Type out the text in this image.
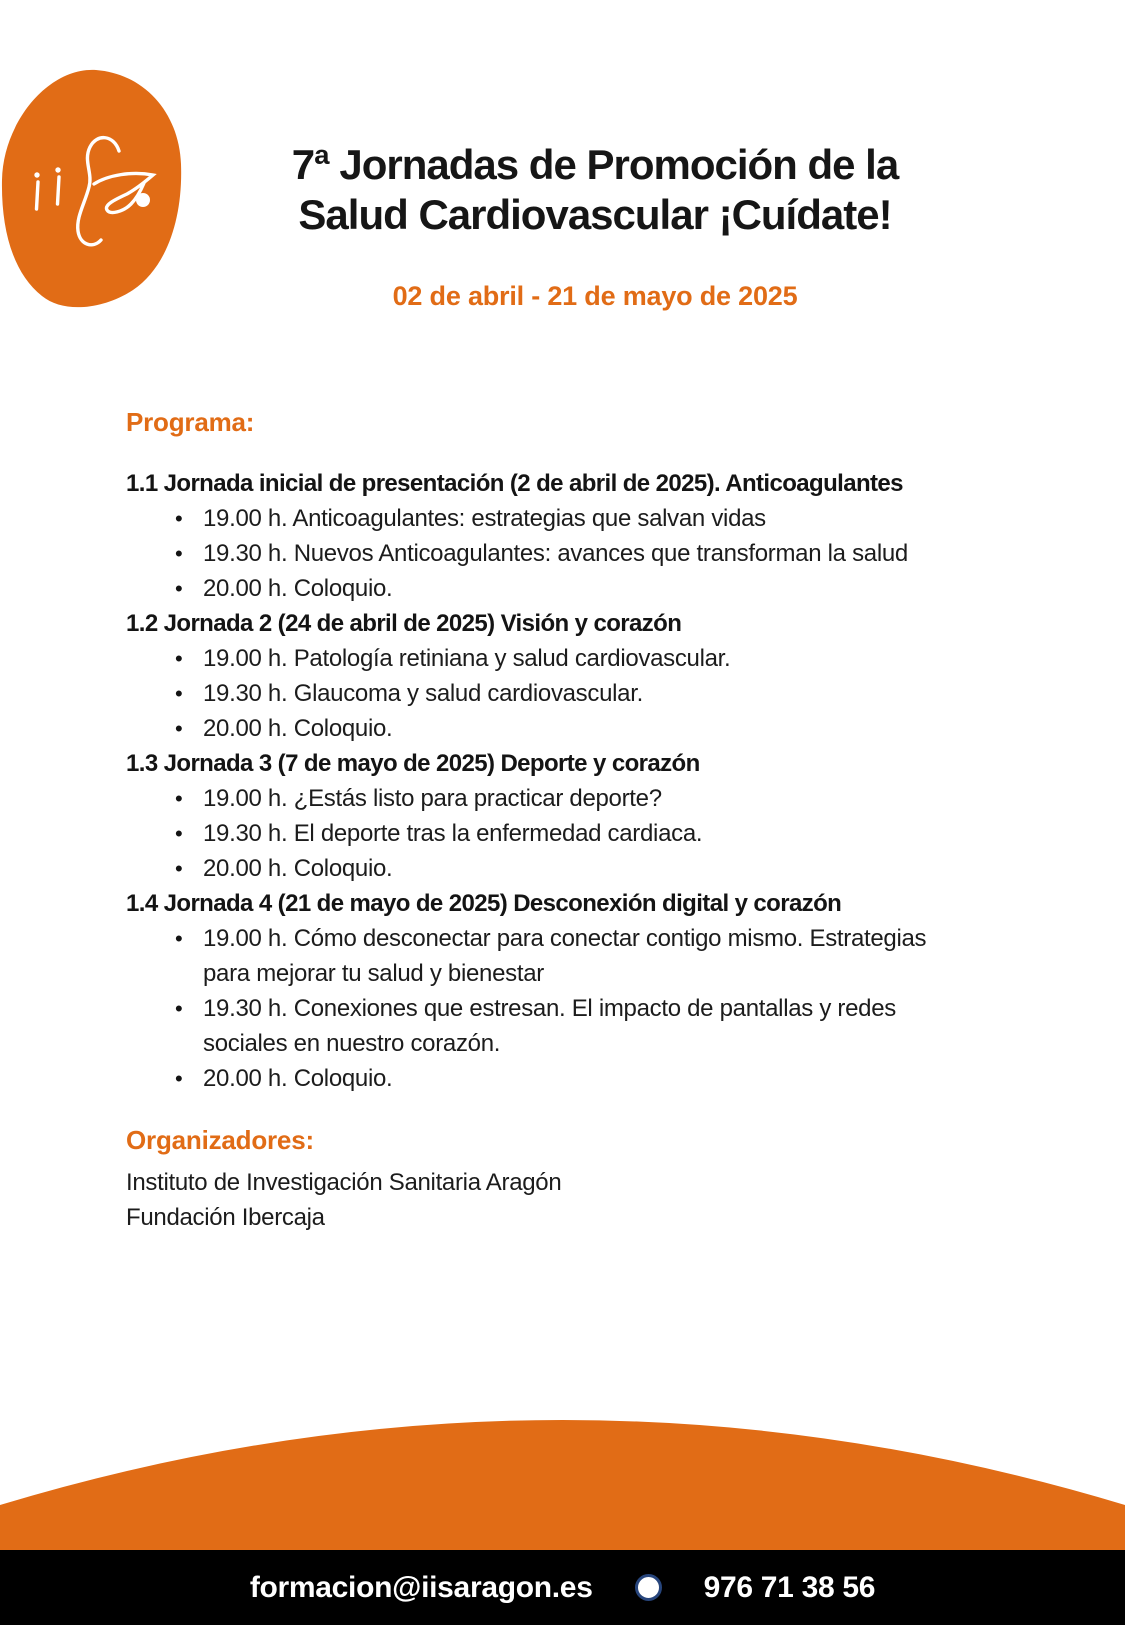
7ª Jornadas de Promoción de la
Salud Cardiovascular ¡Cuídate!
02 de abril - 21 de mayo de 2025
Programa:
1.1 Jornada inicial de presentación (2 de abril de 2025). Anticoagulantes
• 19.00 h. Anticoagulantes: estrategias que salvan vidas
• 19.30 h. Nuevos Anticoagulantes: avances que transforman la salud
• 20.00 h. Coloquio.
1.2 Jornada 2 (24 de abril de 2025) Visión y corazón
• 19.00 h. Patología retiniana y salud cardiovascular.
• 19.30 h. Glaucoma y salud cardiovascular.
• 20.00 h. Coloquio.
1.3 Jornada 3 (7 de mayo de 2025) Deporte y corazón
• 19.00 h. ¿Estás listo para practicar deporte?
• 19.30 h. El deporte tras la enfermedad cardiaca.
• 20.00 h. Coloquio.
1.4 Jornada 4 (21 de mayo de 2025) Desconexión digital y corazón
• 19.00 h. Cómo desconectar para conectar contigo mismo. Estrategias para mejorar tu salud y bienestar
• 19.30 h. Conexiones que estresan. El impacto de pantallas y redes sociales en nuestro corazón.
• 20.00 h. Coloquio.
Organizadores:
Instituto de Investigación Sanitaria Aragón
Fundación Ibercaja
formacion@iisaragon.es	976 71 38 56
